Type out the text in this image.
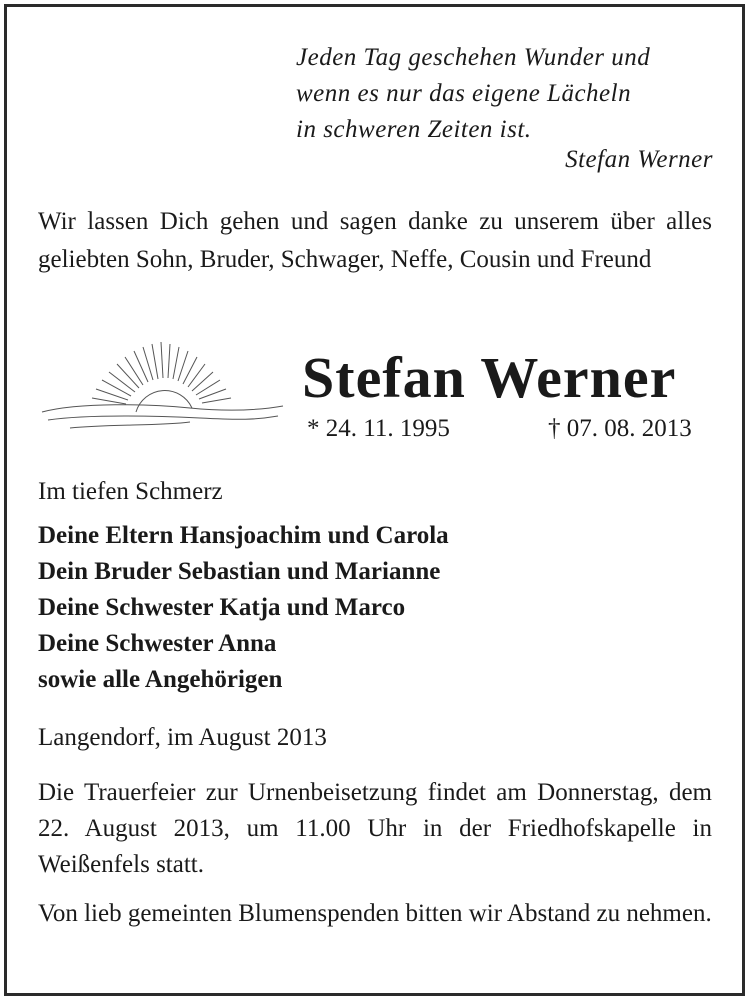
Jeden Tag geschehen Wunder und
wenn es nur das eigene Lächeln
in schweren Zeiten ist.
Stefan Werner
Wir lassen Dich gehen und sagen danke zu unserem über alles geliebten Sohn, Bruder, Schwager, Neffe, Cousin und Freund
Stefan Werner
* 24. 11. 1995	† 07. 08. 2013
Im tiefen Schmerz
Deine Eltern Hansjoachim und Carola
Dein Bruder Sebastian und Marianne
Deine Schwester Katja und Marco
Deine Schwester Anna
sowie alle Angehörigen
Langendorf, im August 2013
Die Trauerfeier zur Urnenbeisetzung findet am Donnerstag, dem 22. August 2013, um 11.00 Uhr in der Friedhofskapelle in Weißenfels statt.
Von lieb gemeinten Blumenspenden bitten wir Abstand zu nehmen.
